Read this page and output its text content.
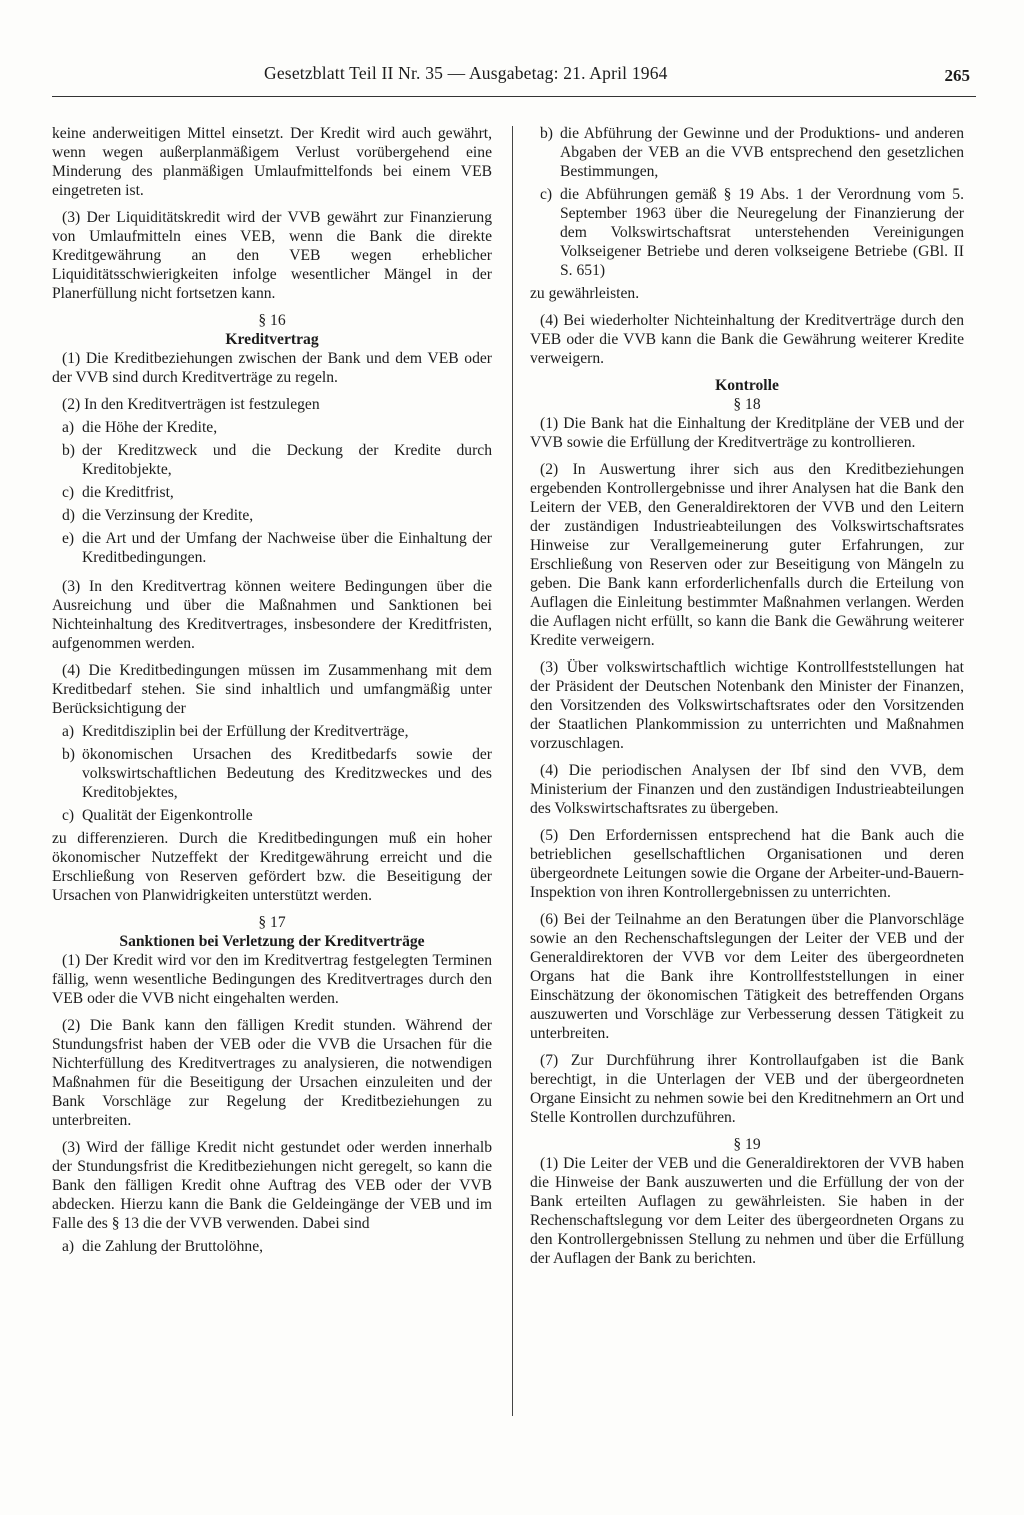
Gesetzblatt Teil II Nr. 35 — Ausgabetag: 21. April 1964	265

keine anderweitigen Mittel einsetzt. Der Kredit wird auch gewährt, wenn wegen außerplanmäßigem Verlust vorübergehend eine Minderung des planmäßigen Umlaufmittelfonds bei einem VEB eingetreten ist.

(3) Der Liquiditätskredit wird der VVB gewährt zur Finanzierung von Umlaufmitteln eines VEB, wenn die Bank die direkte Kreditgewährung an den VEB wegen erheblicher Liquiditätsschwierigkeiten infolge wesentlicher Mängel in der Planerfüllung nicht fortsetzen kann.

§ 16
Kreditvertrag

(1) Die Kreditbeziehungen zwischen der Bank und dem VEB oder der VVB sind durch Kreditverträge zu regeln.

(2) In den Kreditverträgen ist festzulegen

a) die Höhe der Kredite,
b) der Kreditzweck und die Deckung der Kredite durch Kreditobjekte,
c) die Kreditfrist,
d) die Verzinsung der Kredite,
e) die Art und der Umfang der Nachweise über die Einhaltung der Kreditbedingungen.

(3) In den Kreditvertrag können weitere Bedingungen über die Ausreichung und über die Maßnahmen und Sanktionen bei Nichteinhaltung des Kreditvertrages, insbesondere der Kreditfristen, aufgenommen werden.

(4) Die Kreditbedingungen müssen im Zusammenhang mit dem Kreditbedarf stehen. Sie sind inhaltlich und umfangmäßig unter Berücksichtigung der

a) Kreditdisziplin bei der Erfüllung der Kreditverträge,
b) ökonomischen Ursachen des Kreditbedarfs sowie der volkswirtschaftlichen Bedeutung des Kreditzweckes und des Kreditobjektes,
c) Qualität der Eigenkontrolle

zu differenzieren. Durch die Kreditbedingungen muß ein hoher ökonomischer Nutzeffekt der Kreditgewährung erreicht und die Erschließung von Reserven gefördert bzw. die Beseitigung der Ursachen von Planwidrigkeiten unterstützt werden.

§ 17
Sanktionen bei Verletzung der Kreditverträge

(1) Der Kredit wird vor den im Kreditvertrag festgelegten Terminen fällig, wenn wesentliche Bedingungen des Kreditvertrages durch den VEB oder die VVB nicht eingehalten werden.

(2) Die Bank kann den fälligen Kredit stunden. Während der Stundungsfrist haben der VEB oder die VVB die Ursachen für die Nichterfüllung des Kreditvertrages zu analysieren, die notwendigen Maßnahmen für die Beseitigung der Ursachen einzuleiten und der Bank Vorschläge zur Regelung der Kreditbeziehungen zu unterbreiten.

(3) Wird der fällige Kredit nicht gestundet oder werden innerhalb der Stundungsfrist die Kreditbeziehungen nicht geregelt, so kann die Bank den fälligen Kredit ohne Auftrag des VEB oder der VVB abdecken. Hierzu kann die Bank die Geldeingänge der VEB und im Falle des § 13 die der VVB verwenden. Dabei sind

a) die Zahlung der Bruttolöhne,
b) die Abführung der Gewinne und der Produktions- und anderen Abgaben der VEB an die VVB entsprechend den gesetzlichen Bestimmungen,
c) die Abführungen gemäß § 19 Abs. 1 der Verordnung vom 5. September 1963 über die Neuregelung der Finanzierung der dem Volkswirtschaftsrat unterstehenden Vereinigungen Volkseigener Betriebe und deren volkseigene Betriebe (GBl. II S. 651)

zu gewährleisten.

(4) Bei wiederholter Nichteinhaltung der Kreditverträge durch den VEB oder die VVB kann die Bank die Gewährung weiterer Kredite verweigern.

Kontrolle
§ 18

(1) Die Bank hat die Einhaltung der Kreditpläne der VEB und der VVB sowie die Erfüllung der Kreditverträge zu kontrollieren.

(2) In Auswertung ihrer sich aus den Kreditbeziehungen ergebenden Kontrollergebnisse und ihrer Analysen hat die Bank den Leitern der VEB, den Generaldirektoren der VVB und den Leitern der zuständigen Industrieabteilungen des Volkswirtschaftsrates Hinweise zur Verallgemeinerung guter Erfahrungen, zur Erschließung von Reserven oder zur Beseitigung von Mängeln zu geben. Die Bank kann erforderlichenfalls durch die Erteilung von Auflagen die Einleitung bestimmter Maßnahmen verlangen. Werden die Auflagen nicht erfüllt, so kann die Bank die Gewährung weiterer Kredite verweigern.

(3) Über volkswirtschaftlich wichtige Kontrollfeststellungen hat der Präsident der Deutschen Notenbank den Minister der Finanzen, den Vorsitzenden des Volkswirtschaftsrates oder den Vorsitzenden der Staatlichen Plankommission zu unterrichten und Maßnahmen vorzuschlagen.

(4) Die periodischen Analysen der Ibf sind den VVB, dem Ministerium der Finanzen und den zuständigen Industrieabteilungen des Volkswirtschaftsrates zu übergeben.

(5) Den Erfordernissen entsprechend hat die Bank auch die betrieblichen gesellschaftlichen Organisationen und deren übergeordnete Leitungen sowie die Organe der Arbeiter-und-Bauern-Inspektion von ihren Kontrollergebnissen zu unterrichten.

(6) Bei der Teilnahme an den Beratungen über die Planvorschläge sowie an den Rechenschaftslegungen der Leiter der VEB und der Generaldirektoren der VVB vor dem Leiter des übergeordneten Organs hat die Bank ihre Kontrollfeststellungen in einer Einschätzung der ökonomischen Tätigkeit des betreffenden Organs auszuwerten und Vorschläge zur Verbesserung dessen Tätigkeit zu unterbreiten.

(7) Zur Durchführung ihrer Kontrollaufgaben ist die Bank berechtigt, in die Unterlagen der VEB und der übergeordneten Organe Einsicht zu nehmen sowie bei den Kreditnehmern an Ort und Stelle Kontrollen durchzuführen.

§ 19

(1) Die Leiter der VEB und die Generaldirektoren der VVB haben die Hinweise der Bank auszuwerten und die Erfüllung der von der Bank erteilten Auflagen zu gewährleisten. Sie haben in der Rechenschaftslegung vor dem Leiter des übergeordneten Organs zu den Kontrollergebnissen Stellung zu nehmen und über die Erfüllung der Auflagen der Bank zu berichten.
